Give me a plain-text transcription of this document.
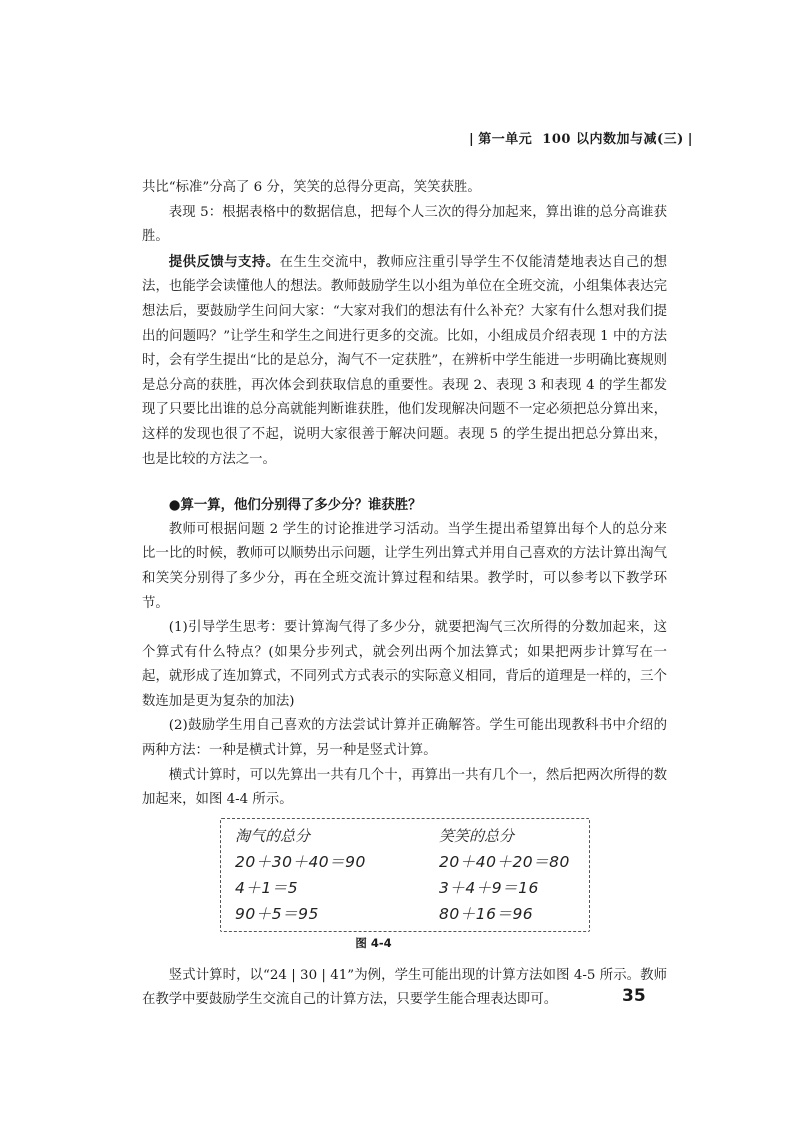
| 第一单元 100 以内数加与减(三) |

共比“标准”分高了 6 分，笑笑的总得分更高，笑笑获胜。

表现 5：根据表格中的数据信息，把每个人三次的得分加起来，算出谁的总分高谁获胜。

提供反馈与支持。在生生交流中，教师应注重引导学生不仅能清楚地表达自己的想法，也能学会读懂他人的想法。教师鼓励学生以小组为单位在全班交流，小组集体表达完想法后，要鼓励学生问问大家：“大家对我们的想法有什么补充？大家有什么想对我们提出的问题吗？”让学生和学生之间进行更多的交流。比如，小组成员介绍表现 1 中的方法时，会有学生提出“比的是总分，淘气不一定获胜”，在辨析中学生能进一步明确比赛规则是总分高的获胜，再次体会到获取信息的重要性。表现 2、表现 3 和表现 4 的学生都发现了只要比出谁的总分高就能判断谁获胜，他们发现解决问题不一定必须把总分算出来，这样的发现也很了不起，说明大家很善于解决问题。表现 5 的学生提出把总分算出来，也是比较的方法之一。

●算一算，他们分别得了多少分？谁获胜？

教师可根据问题 2 学生的讨论推进学习活动。当学生提出希望算出每个人的总分来比一比的时候，教师可以顺势出示问题，让学生列出算式并用自己喜欢的方法计算出淘气和笑笑分别得了多少分，再在全班交流计算过程和结果。教学时，可以参考以下教学环节。

(1)引导学生思考：要计算淘气得了多少分，就要把淘气三次所得的分数加起来，这个算式有什么特点？(如果分步列式，就会列出两个加法算式；如果把两步计算写在一起，就形成了连加算式，不同列式方式表示的实际意义相同，背后的道理是一样的，三个数连加是更为复杂的加法)

(2)鼓励学生用自己喜欢的方法尝试计算并正确解答。学生可能出现教科书中介绍的两种方法：一种是横式计算，另一种是竖式计算。

横式计算时，可以先算出一共有几个十，再算出一共有几个一，然后把两次所得的数加起来，如图 4-4 所示。

淘气的总分
20＋30＋40＝90
4＋1＝5
90＋5＝95
笑笑的总分
20＋40＋20＝80
3＋4＋9＝16
80＋16＝96
图 4-4

竖式计算时，以“24 | 30 | 41”为例，学生可能出现的计算方法如图 4-5 所示。教师在教学中要鼓励学生交流自己的计算方法，只要学生能合理表达即可。	35
